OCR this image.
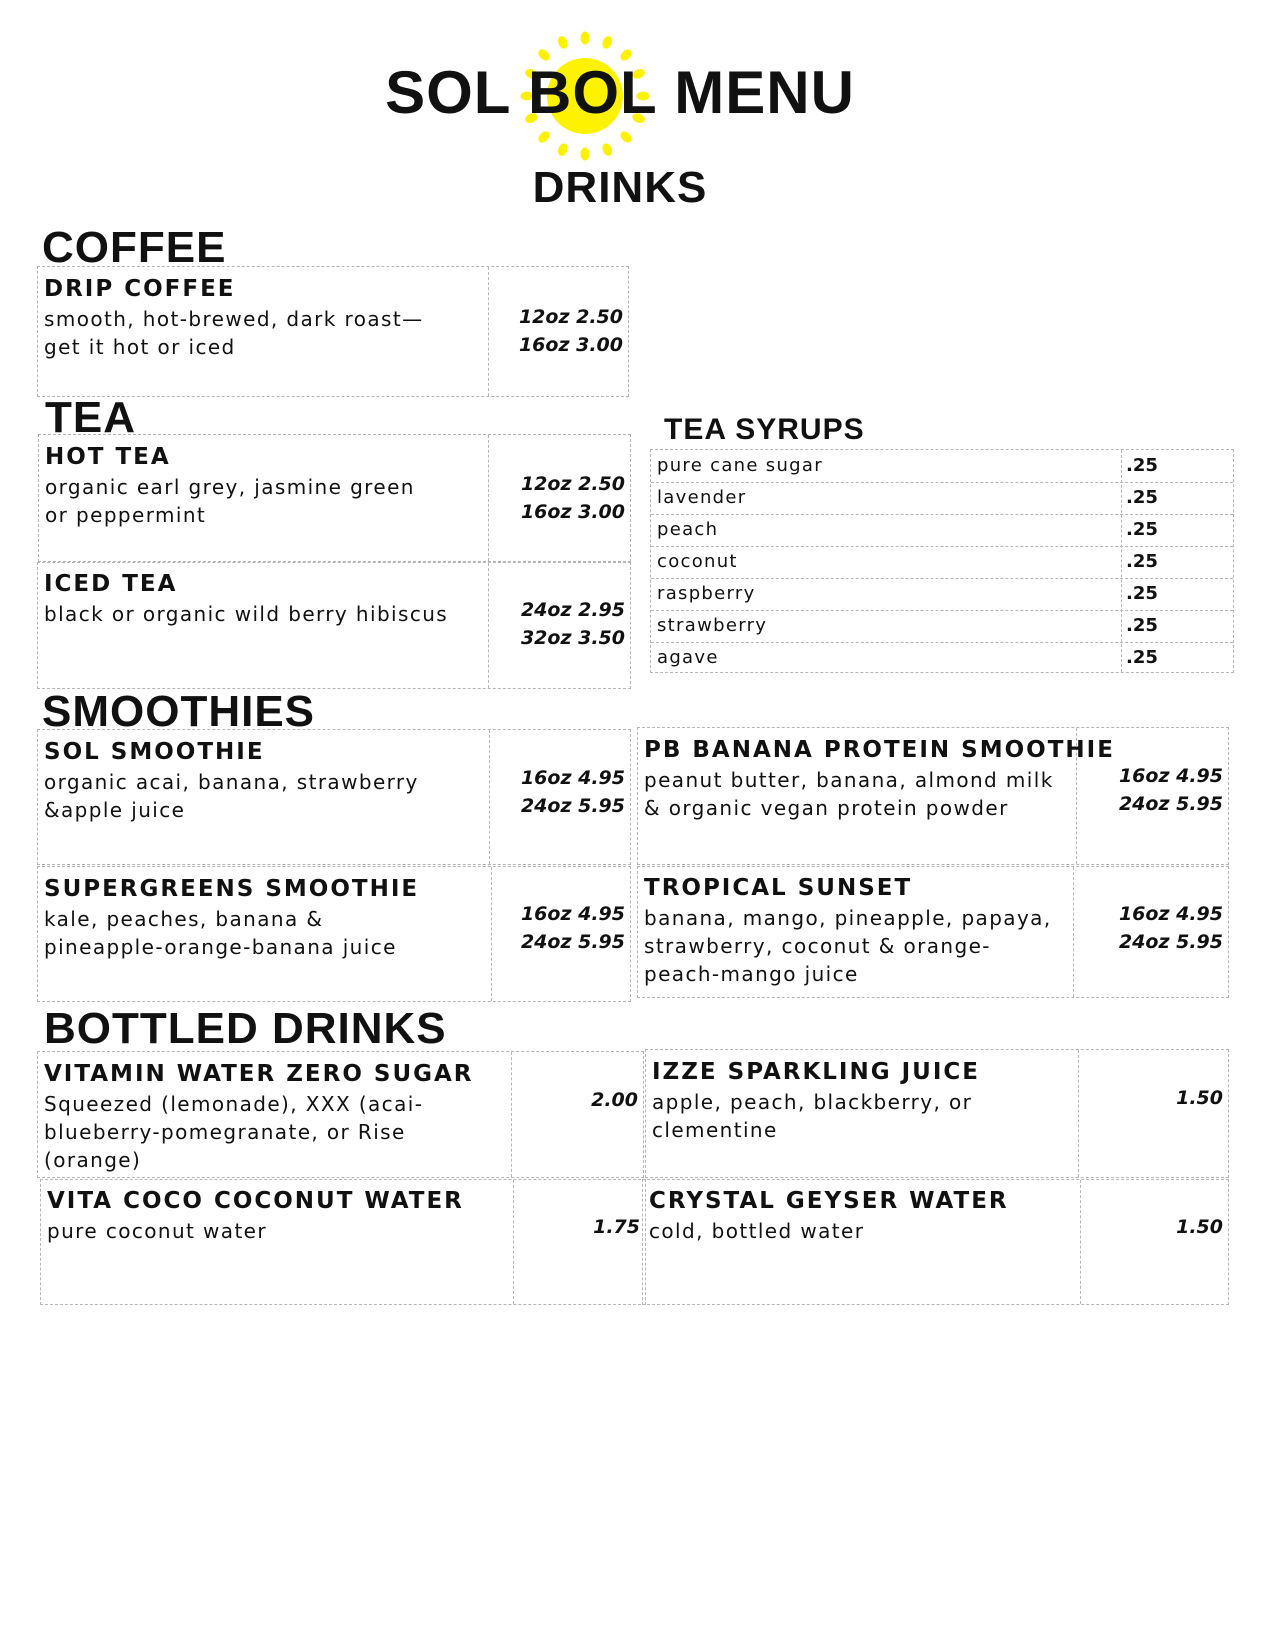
SOL BOL MENU
DRINKS
COFFEE
DRIP COFFEE
smooth, hot-brewed, dark roast— get it hot or iced
12oz 2.50
16oz 3.00
TEA
HOT TEA
organic earl grey, jasmine green or peppermint
12oz 2.50
16oz 3.00
ICED TEA
black or organic wild berry hibiscus	24oz 2.95
32oz 3.50
TEA SYRUPS
pure cane sugar	.25
lavender	.25
peach	.25
coconut	.25
raspberry	.25
strawberry	.25
agave	.25
SMOOTHIES
SOL SMOOTHIE
organic acai, banana, strawberry &apple juice
16oz 4.95
24oz 5.95
PB BANANA PROTEIN SMOOTHIE
peanut butter, banana, almond milk & organic vegan protein powder
16oz 4.95
24oz 5.95
SUPERGREENS SMOOTHIE
kale, peaches, banana & pineapple-orange-banana juice
16oz 4.95
24oz 5.95
TROPICAL SUNSET
banana, mango, pineapple, papaya, strawberry, coconut & orange-peach-mango juice
16oz 4.95
24oz 5.95
BOTTLED DRINKS
VITAMIN WATER ZERO SUGAR
Squeezed (lemonade), XXX (acai-blueberry-pomegranate, or Rise (orange)
2.00
IZZE SPARKLING JUICE
apple, peach, blackberry, or clementine
1.50
VITA COCO COCONUT WATER
pure coconut water	1.75
CRYSTAL GEYSER WATER
cold, bottled water	1.50
